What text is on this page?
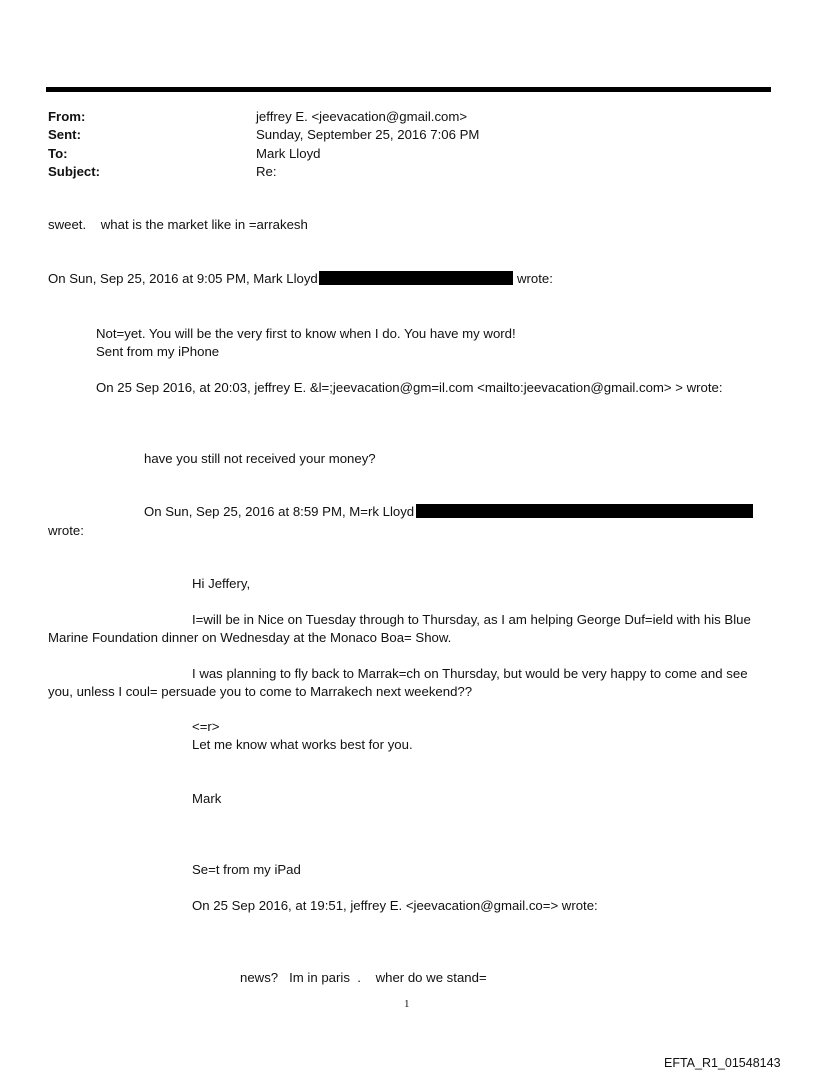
From:	jeffrey E. <jeevacation@gmail.com>
Sent:	Sunday, September 25, 2016 7:06 PM
To:	Mark Lloyd
Subject:	Re:
sweet.    what is the market like in =arrakesh
On Sun, Sep 25, 2016 at 9:05 PM, Mark Lloyd	wrote:
Not=yet. You will be the very first to know when I do. You have my word!
Sent from my iPhone
On 25 Sep 2016, at 20:03, jeffrey E. &l=;jeevacation@gm=il.com <mailto:jeevacation@gmail.com> > wrote:
have you still not received your money?
On Sun, Sep 25, 2016 at 8:59 PM, M=rk Lloyd
wrote:
Hi Jeffery,
I=will be in Nice on Tuesday through to Thursday, as I am helping George Duf=ield with his Blue
Marine Foundation dinner on Wednesday at the Monaco Boa= Show.
I was planning to fly back to Marrak=ch on Thursday, but would be very happy to come and see
you, unless I coul= persuade you to come to Marrakech next weekend??
<=r>
Let me know what works best for you.
Mark
Se=t from my iPad
On 25 Sep 2016, at 19:51, jeffrey E. <jeevacation@gmail.co=> wrote:
news?   Im in paris  .    wher do we stand=
1
EFTA_R1_01548143
